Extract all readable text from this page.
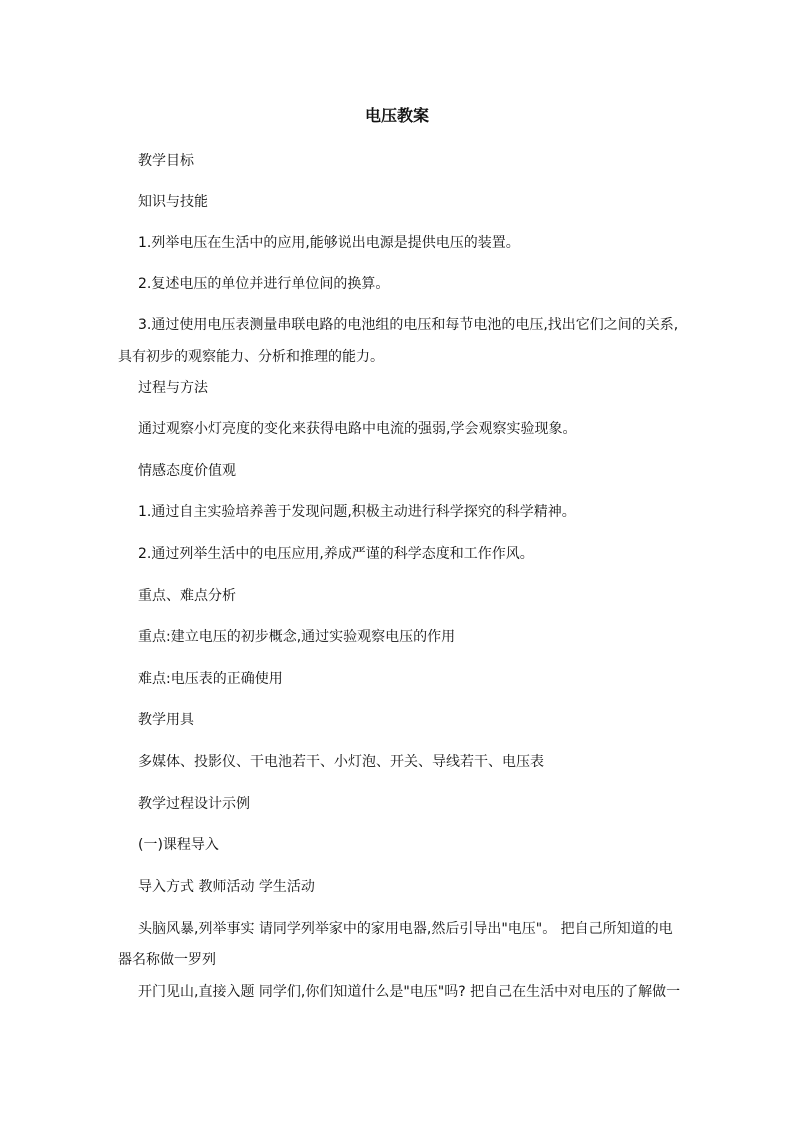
电压教案
教学目标
知识与技能
1.列举电压在生活中的应用,能够说出电源是提供电压的装置。
2.复述电压的单位并进行单位间的换算。
3.通过使用电压表测量串联电路的电池组的电压和每节电池的电压,找出它们之间的关系,
具有初步的观察能力、分析和推理的能力。
过程与方法
通过观察小灯亮度的变化来获得电路中电流的强弱,学会观察实验现象。
情感态度价值观
1.通过自主实验培养善于发现问题,积极主动进行科学探究的科学精神。
2.通过列举生活中的电压应用,养成严谨的科学态度和工作作风。
重点、难点分析
重点:建立电压的初步概念,通过实验观察电压的作用
难点:电压表的正确使用
教学用具
多媒体、投影仪、干电池若干、小灯泡、开关、导线若干、电压表
教学过程设计示例
(一)课程导入
导入方式 教师活动 学生活动
头脑风暴,列举事实 请同学列举家中的家用电器,然后引导出"电压"。 把自己所知道的电
器名称做一罗列
开门见山,直接入题 同学们,你们知道什么是"电压"吗? 把自己在生活中对电压的了解做一
